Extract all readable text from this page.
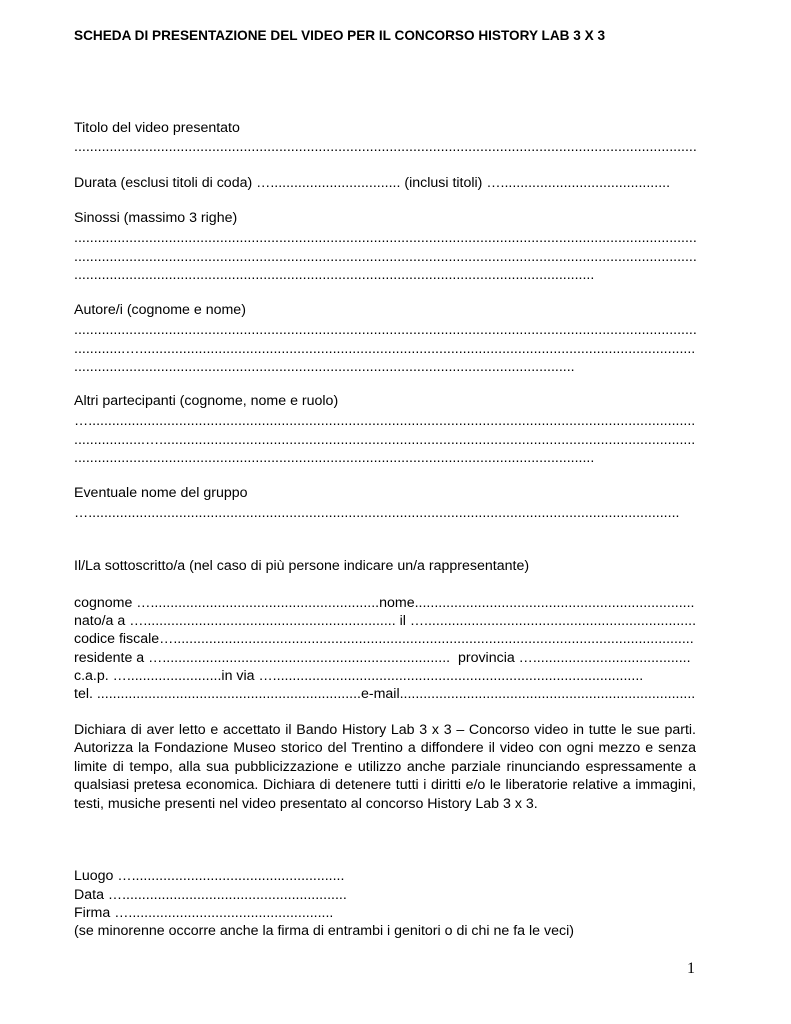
SCHEDA DI PRESENTAZIONE DEL VIDEO PER IL CONCORSO HISTORY LAB 3 X 3
Titolo del video presentato
..............................................................................................................................................................
Durata (esclusi titoli di coda) …................................. (inclusi titoli) …...........................................
Sinossi (massimo 3 righe)
..............................................................................................................................................................
..............................................................................................................................................................
....................................................................................................................................
Autore/i (cognome e nome)
..............................................................................................................................................................
.............….............................................................................................................................................
...............................................................................................................................
Altri partecipanti (cognome, nome e ruolo)
…..........................................................................................................................................................
..................…........................................................................................................................................
....................................................................................................................................
Eventuale nome del gruppo
…......................................................................................................................................................
Il/La sottoscritto/a (nel caso di più persone indicare un/a rappresentante)
cognome …..........................................................nome.......................................................................
nato/a a …................................................................ il ….....................................................................
codice fiscale…....................................................................................................................................
residente a ….........................................................................  provincia …........................................
c.a.p. …........................in via …..............................................................................................
tel. ...................................................................e-mail...........................................................................
Dichiara di aver letto e accettato il Bando History Lab 3 x 3 – Concorso video in tutte le sue parti. Autorizza la Fondazione Museo storico del Trentino a diffondere il video con ogni mezzo e senza limite di tempo, alla sua pubblicizzazione e utilizzo anche parziale rinunciando espressamente a qualsiasi pretesa economica. Dichiara di detenere tutti i diritti e/o le liberatorie relative a immagini, testi, musiche presenti nel video presentato al concorso History Lab 3 x 3.
Luogo …......................................................
Data ….........................................................
Firma …....................................................
(se minorenne occorre anche la firma di entrambi i genitori o di chi ne fa le veci)
1
